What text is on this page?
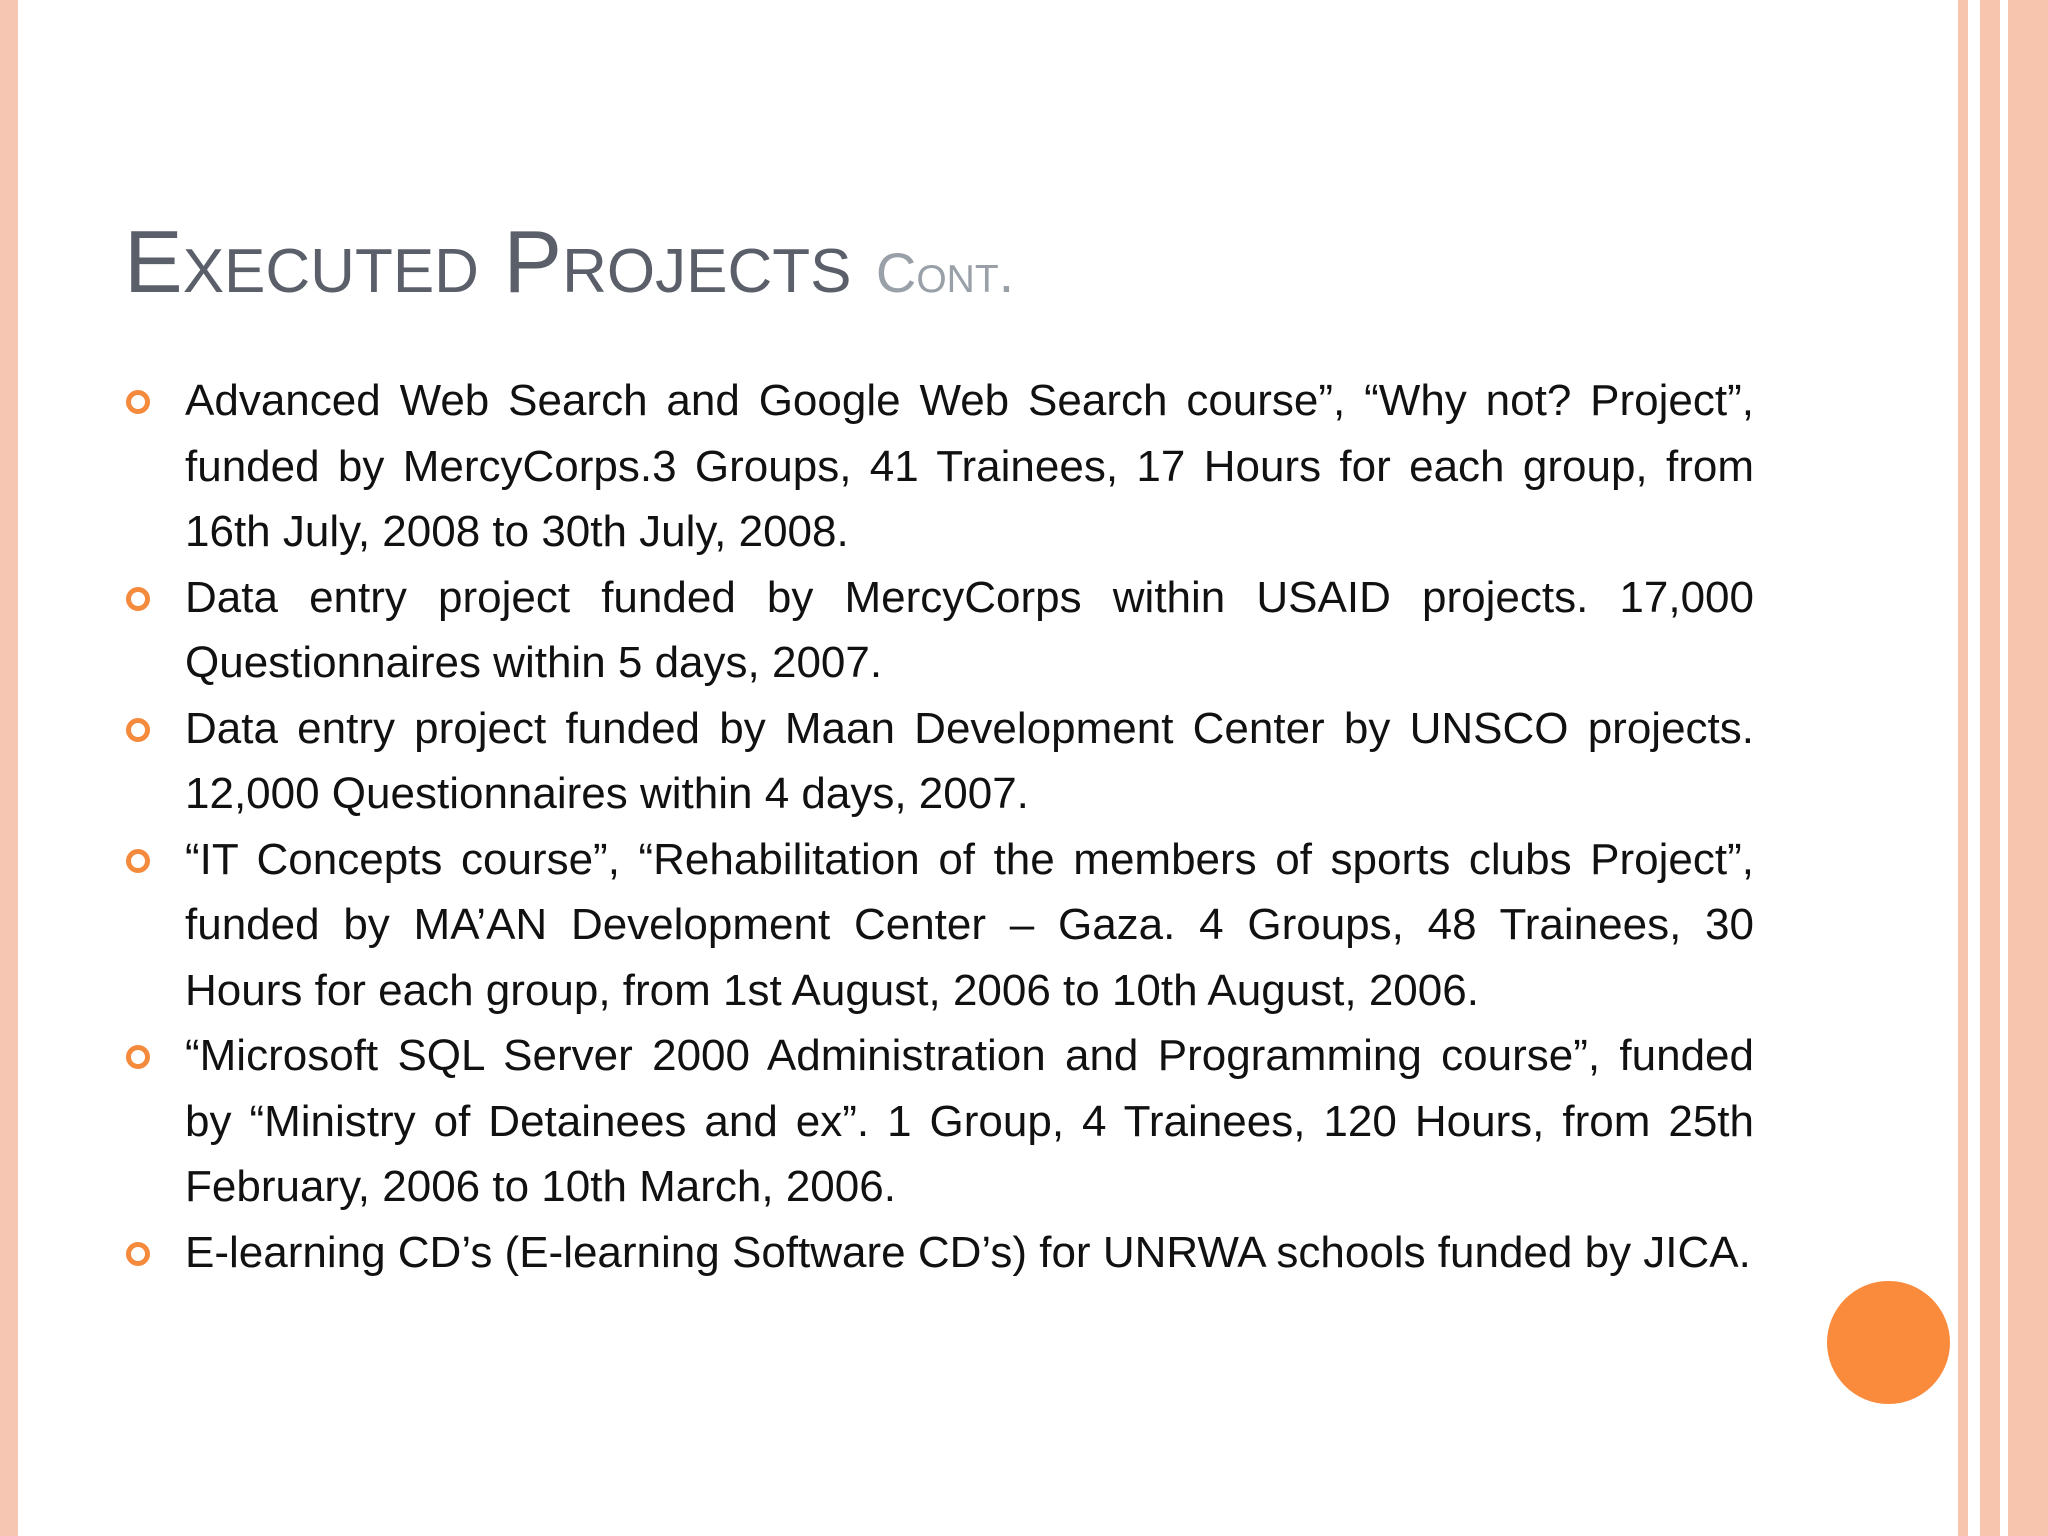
Executed Projects Cont.
Advanced Web Search and Google Web Search course”, “Why not? Project”, funded by MercyCorps.3 Groups, 41 Trainees, 17 Hours for each group, from 16th July, 2008 to 30th July, 2008.
Data entry project funded by MercyCorps within USAID projects. 17,000 Questionnaires within 5 days, 2007.
Data entry project funded by Maan Development Center by UNSCO projects. 12,000 Questionnaires within 4 days, 2007.
“IT Concepts course”, “Rehabilitation of the members of sports clubs Project”, funded by MA’AN Development Center – Gaza. 4 Groups, 48 Trainees, 30 Hours for each group, from 1st August, 2006 to 10th August, 2006.
“Microsoft SQL Server 2000 Administration and Programming course”, funded by “Ministry of Detainees and ex”. 1 Group, 4 Trainees, 120 Hours, from 25th February, 2006 to 10th March, 2006.
E-learning CD’s (E-learning Software CD’s) for UNRWA schools funded by JICA.
